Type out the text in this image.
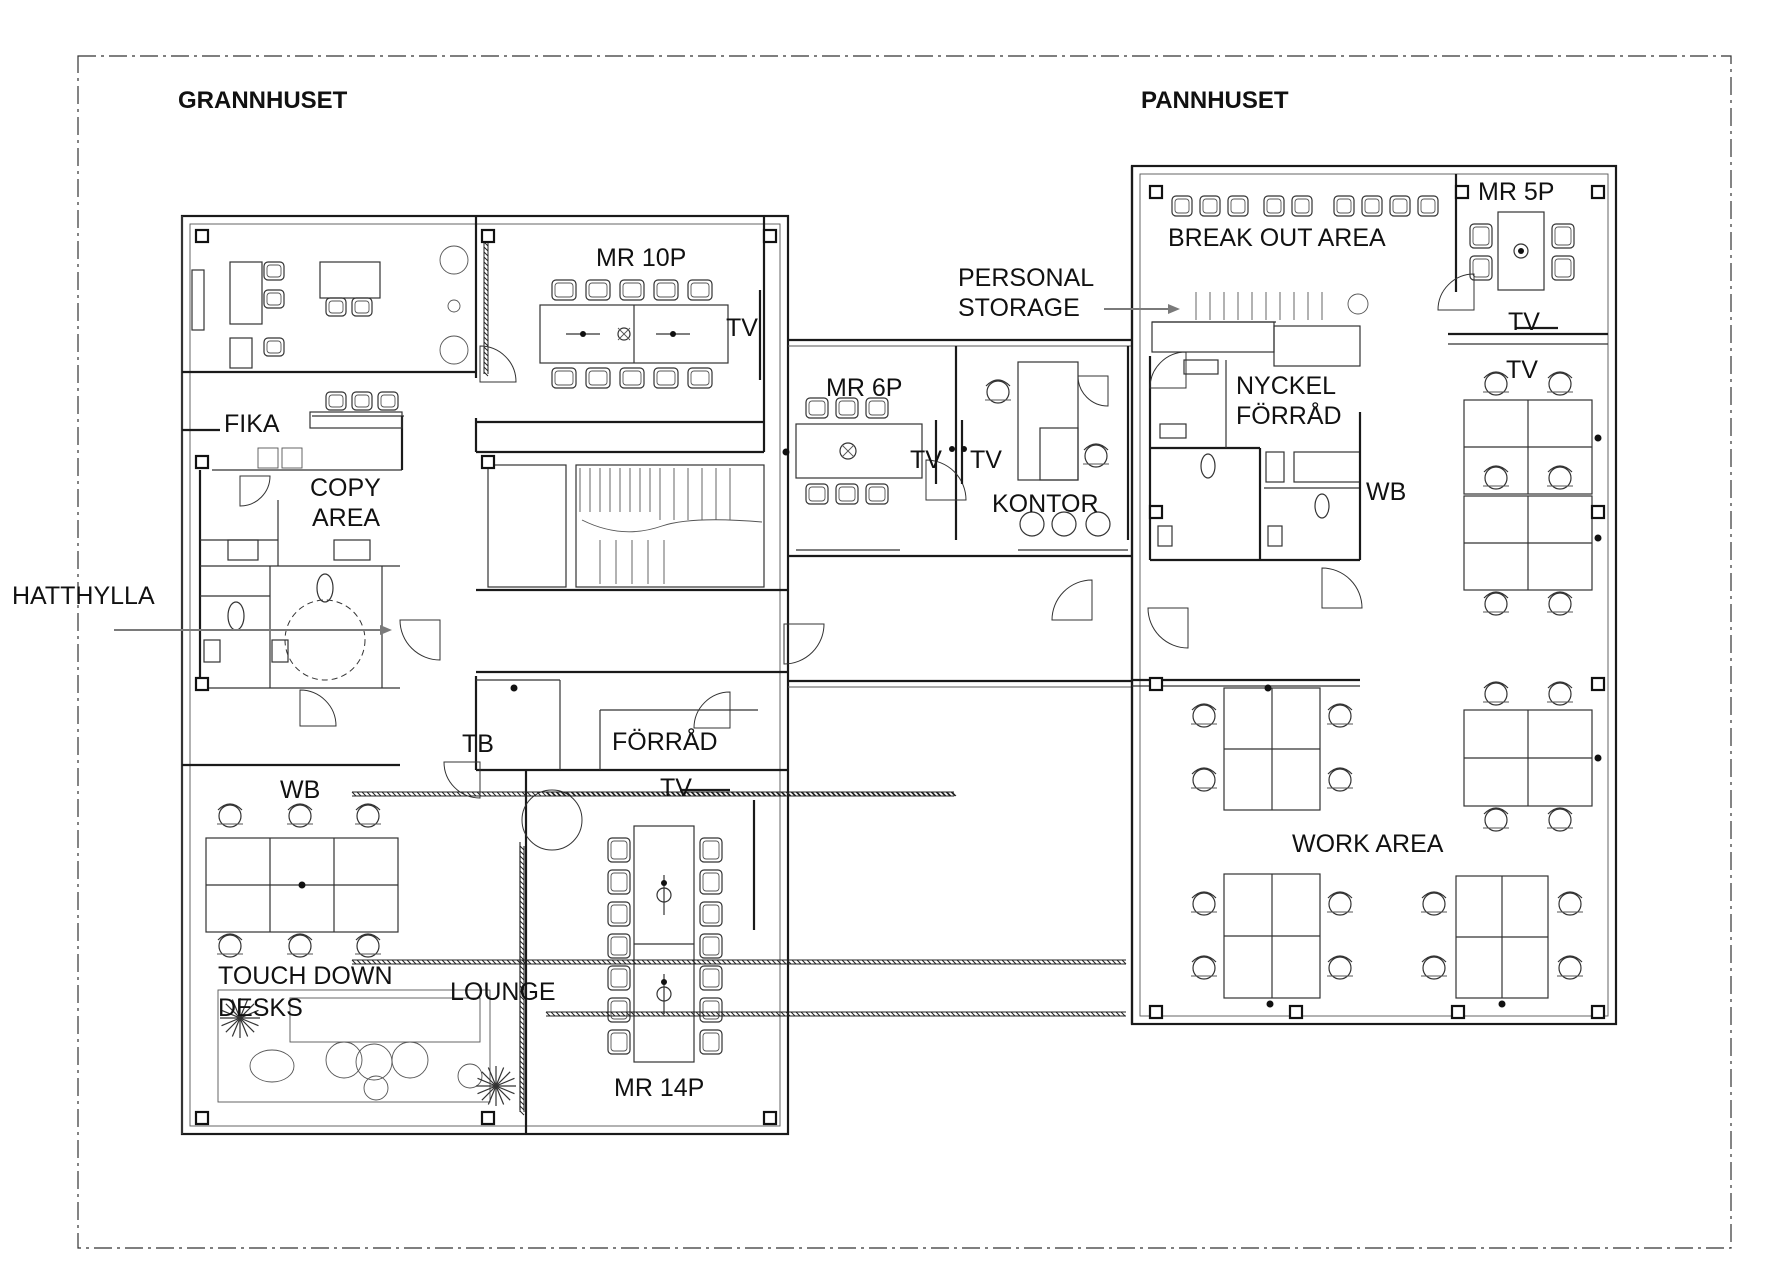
GRANNHUSET	PANNHUSET
MR 10P
TV
FIKA
COPY
AREA
HATTHYLLA
MR 6P
TV TV
KONTOR
PERSONAL
STORAGE
BREAK OUT AREA
MR 5P
TV
TV
NYCKEL
FÖRRÅD
WB
TB	FÖRRÅD
TV
WB
TOUCH DOWN
DESKS
LOUNGE
MR 14P
WORK AREA
